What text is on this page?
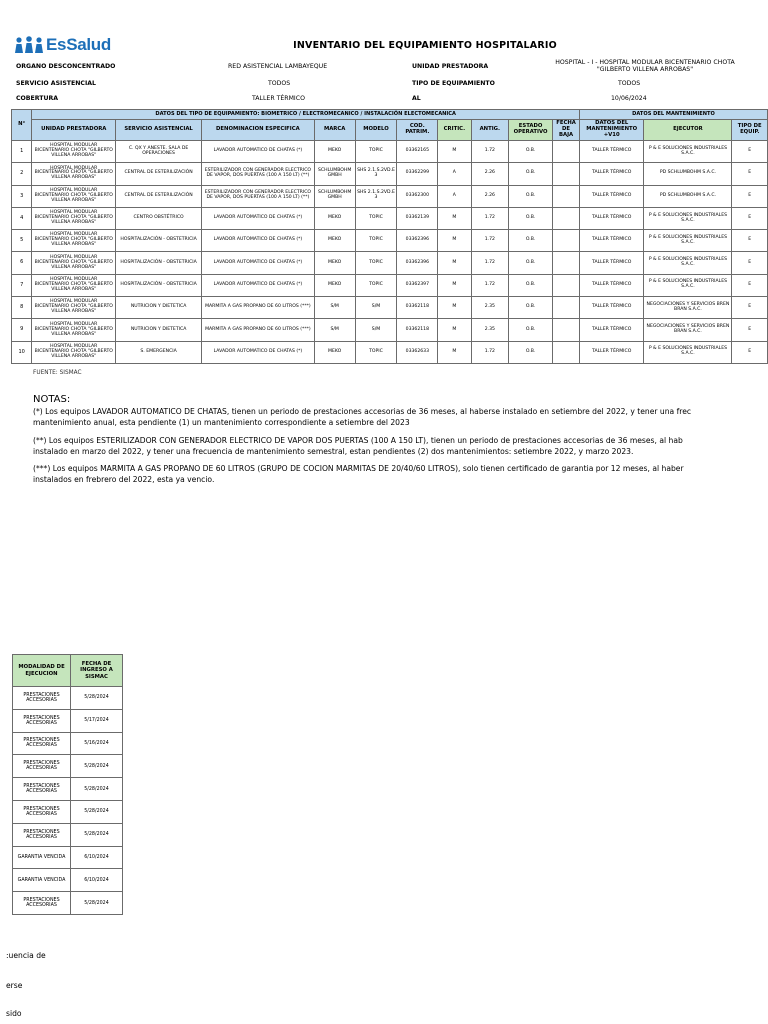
EsSalud	INVENTARIO DEL EQUIPAMIENTO HOSPITALARIO
ORGANO DESCONCENTRADO	RED ASISTENCIAL LAMBAYEQUE	UNIDAD PRESTADORA
HOSPITAL - I - HOSPITAL MODULAR BICENTENARIO CHOTA
"GILBERTO VILLENA ARROBAS"
SERVICIO ASISTENCIAL	TODOS	TIPO DE EQUIPAMIENTO	TODOS
COBERTURA	TALLER TÉRMICO	AL	10/06/2024
N°	DATOS DEL TIPO DE EQUIPAMIENTO: BIOMETRICO / ELECTROMECANICO / INSTALACIÓN ELECTOMECANICA										DATOS DEL MANTENIMIENTO		
	UNIDAD PRESTADORA	SERVICIO ASISTENCIAL	DENOMINACION ESPECIFICA	MARCA	MODELO	COD. PATRIM.	CRITIC.	ANTIG.	ESTADO OPERATIVO	FECHA DE BAJA	DATOS DEL MANTENIMIENTO +V10	EJECUTOR	TIPO DE EQUIP.
1	HOSPITAL MODULAR BICENTENARIO CHOTA "GILBERTO VILLENA ARROBAS"	C. QX Y ANESTE. SALA DE OPERACIONES	LAVADOR AUTOMATICO DE CHATAS (*)	MEKO	TOPIC	03362165	M	1.72	O.B.		TALLER TÉRMICO	P & E SOLUCIONES INDUSTRIALES S.A.C.	E
2	HOSPITAL MODULAR BICENTENARIO CHOTA "GILBERTO VILLENA ARROBAS"	CENTRAL DE ESTERILIZACIÓN	ESTERILIZADOR CON GENERADOR ELECTRICO DE VAPOR, DOS PUERTAS (100 A 150 LT) (**)	SCHLUMBOHM GMBH	SHS 2.1.S.2VD.E 3	03362299	A	2.26	O.B.		TALLER TÉRMICO	PD SCHLUMBOHM S.A.C.	E
3	HOSPITAL MODULAR BICENTENARIO CHOTA "GILBERTO VILLENA ARROBAS"	CENTRAL DE ESTERILIZACIÓN	ESTERILIZADOR CON GENERADOR ELECTRICO DE VAPOR, DOS PUERTAS (100 A 150 LT) (**)	SCHLUMBOHM GMBH	SHS 2.1.S.2VD.E 3	03362300	A	2.26	O.B.		TALLER TÉRMICO	PD SCHLUMBOHM S.A.C.	E
4	HOSPITAL MODULAR BICENTENARIO CHOTA "GILBERTO VILLENA ARROBAS"	CENTRO OBSTÉTRICO	LAVADOR AUTOMATICO DE CHATAS (*)	MEKO	TOPIC	03362139	M	1.72	O.B.		TALLER TÉRMICO	P & E SOLUCIONES INDUSTRIALES S.A.C.	E
5	HOSPITAL MODULAR BICENTENARIO CHOTA "GILBERTO VILLENA ARROBAS"	HOSPITALIZACIÓN - OBSTETRICIA	LAVADOR AUTOMATICO DE CHATAS (*)	MEKO	TOPIC	03362396	M	1.72	O.B.		TALLER TÉRMICO	P & E SOLUCIONES INDUSTRIALES S.A.C.	E
6	HOSPITAL MODULAR BICENTENARIO CHOTA "GILBERTO VILLENA ARROBAS"	HOSPITALIZACIÓN - OBSTETRICIA	LAVADOR AUTOMATICO DE CHATAS (*)	MEKO	TOPIC	03362396	M	1.72	O.B.		TALLER TÉRMICO	P & E SOLUCIONES INDUSTRIALES S.A.C.	E
7	HOSPITAL MODULAR BICENTENARIO CHOTA "GILBERTO VILLENA ARROBAS"	HOSPITALIZACIÓN - OBSTETRICIA	LAVADOR AUTOMATICO DE CHATAS (*)	MEKO	TOPIC	03362397	M	1.72	O.B.		TALLER TÉRMICO	P & E SOLUCIONES INDUSTRIALES S.A.C.	E
8	HOSPITAL MODULAR BICENTENARIO CHOTA "GILBERTO VILLENA ARROBAS"	NUTRICION Y DIETETICA	MARMITA A GAS PROPANO DE 60 LITROS (***)	S/M	S/M	03362118	M	2.35	O.B.		TALLER TÉRMICO	NEGOCIACIONES Y SERVICIOS BREN BRAN S.A.C.	E
9	HOSPITAL MODULAR BICENTENARIO CHOTA "GILBERTO VILLENA ARROBAS"	NUTRICION Y DIETETICA	MARMITA A GAS PROPANO DE 60 LITROS (***)	S/M	S/M	03362118	M	2.35	O.B.		TALLER TÉRMICO	NEGOCIACIONES Y SERVICIOS BREN BRAN S.A.C.	E
10	HOSPITAL MODULAR BICENTENARIO CHOTA "GILBERTO VILLENA ARROBAS"	S. EMERGENCIA	LAVADOR AUTOMATICO DE CHATAS (*)	MEKO	TOPIC	03362633	M	1.72	O.B.		TALLER TÉRMICO	P & E SOLUCIONES INDUSTRIALES S.A.C.	E
FUENTE: SISMAC
NOTAS:
(*) Los equipos LAVADOR AUTOMATICO DE CHATAS, tienen un periodo de prestaciones accesorias de 36 meses, al haberse instalado en setiembre del 2022, y tener una frec
mantenimiento anual, esta pendiente (1) un mantenimiento correspondiente a setiembre del 2023
(**) Los equipos ESTERILIZADOR CON GENERADOR ELECTRICO DE VAPOR DOS PUERTAS (100 A 150 LT), tienen un periodo de prestaciones accesorias de 36 meses, al hab
instalado en marzo del 2022, y tener una frecuencia de mantenimiento semestral, estan pendientes (2) dos mantenimientos: setiembre 2022, y marzo 2023.
(***) Los equipos MARMITA A GAS PROPANO DE 60 LITROS (GRUPO DE COCION MARMITAS DE 20/40/60 LITROS), solo tienen certificado de garantia por 12 meses, al haber
instalados en frebrero del 2022, esta ya vencio.
MODALIDAD DE EJECUCION	FECHA DE INGRESO A SISMAC
PRESTACIONES ACCESORIAS	5/28/2024
PRESTACIONES ACCESORIAS	5/17/2024
PRESTACIONES ACCESORIAS	5/16/2024
PRESTACIONES ACCESORIAS	5/28/2024
PRESTACIONES ACCESORIAS	5/28/2024
PRESTACIONES ACCESORIAS	5/28/2024
PRESTACIONES ACCESORIAS	5/28/2024
GARANTIA VENCIDA	6/10/2024
GARANTIA VENCIDA	6/10/2024
PRESTACIONES ACCESORIAS	5/28/2024
:uencia de
erse
sido
